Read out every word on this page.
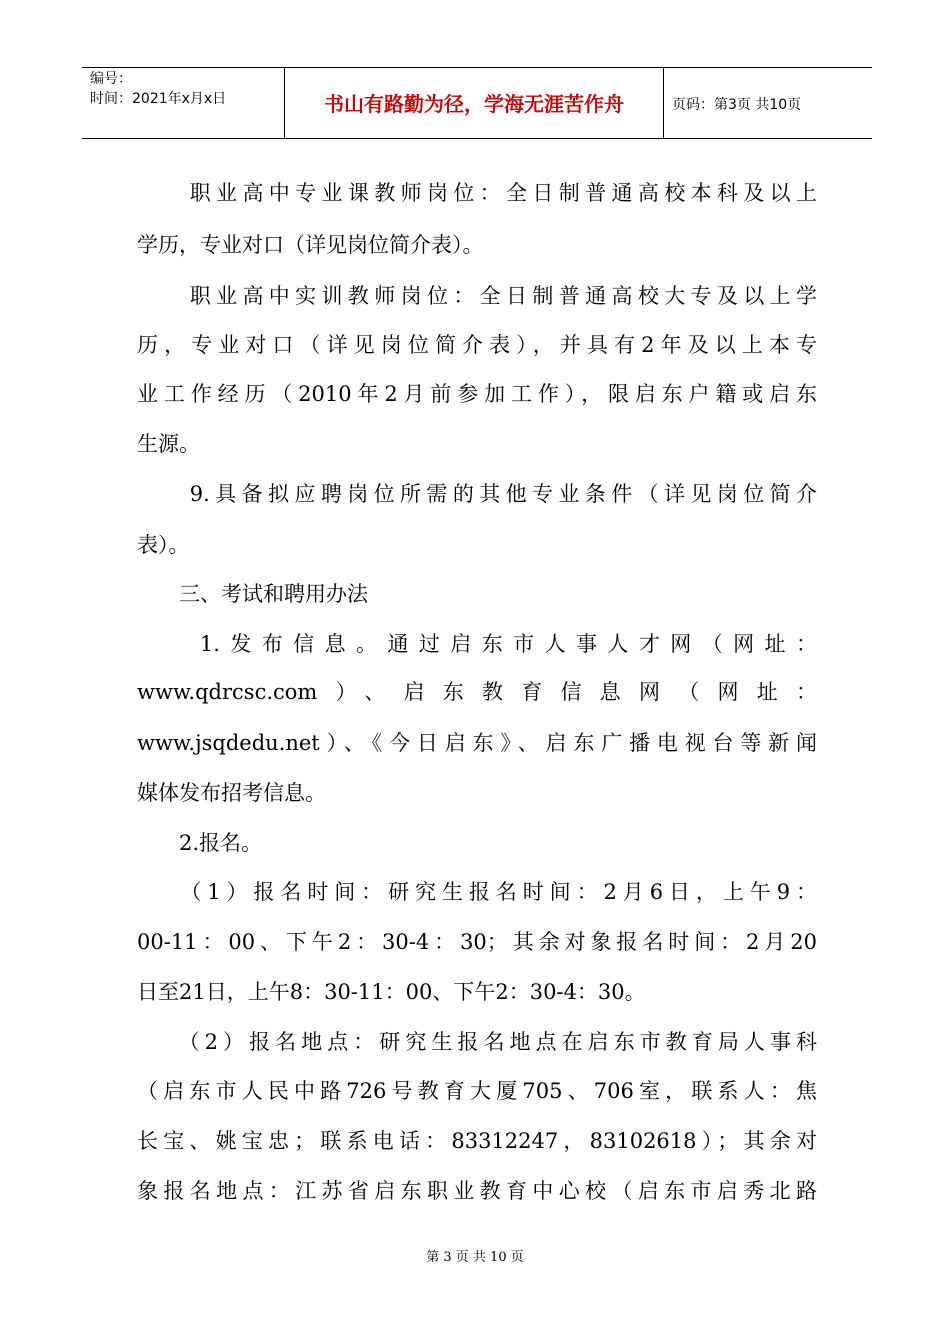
编号：
时间：2021年x月x日	书山有路勤为径，学海无涯苦作舟	页码：第3页 共10页
　　职业高中专业课教师岗位：全日制普通高校本科及以上
学历，专业对口（详见岗位简介表）。
　　职业高中实训教师岗位：全日制普通高校大专及以上学
历，专业对口（详见岗位简介表），并具有2年及以上本专
业工作经历（2010年2月前参加工作），限启东户籍或启东
生源。
　　9.具备拟应聘岗位所需的其他专业条件（详见岗位简介
表）。
　　三、考试和聘用办法
　　1.发布信息。通过启东市人事人才网（网址：
www.qdrcsc.com）、启东教育信息网（网址：
www.jsqdedu.net）、《今日启东》、启东广播电视台等新闻
媒体发布招考信息。
　　2.报名。
　　（1）报名时间：研究生报名时间：2月6日，上午9：
00-11：00、下午2：30-4：30；其余对象报名时间：2月20
日至21日，上午8：30-11：00、下午2：30-4：30。
　　（2）报名地点：研究生报名地点在启东市教育局人事科
（启东市人民中路726号教育大厦705、706室，联系人：焦
长宝、姚宝忠；联系电话：83312247，83102618）；其余对
象报名地点：江苏省启东职业教育中心校（启东市启秀北路
第 3 页 共 10 页
